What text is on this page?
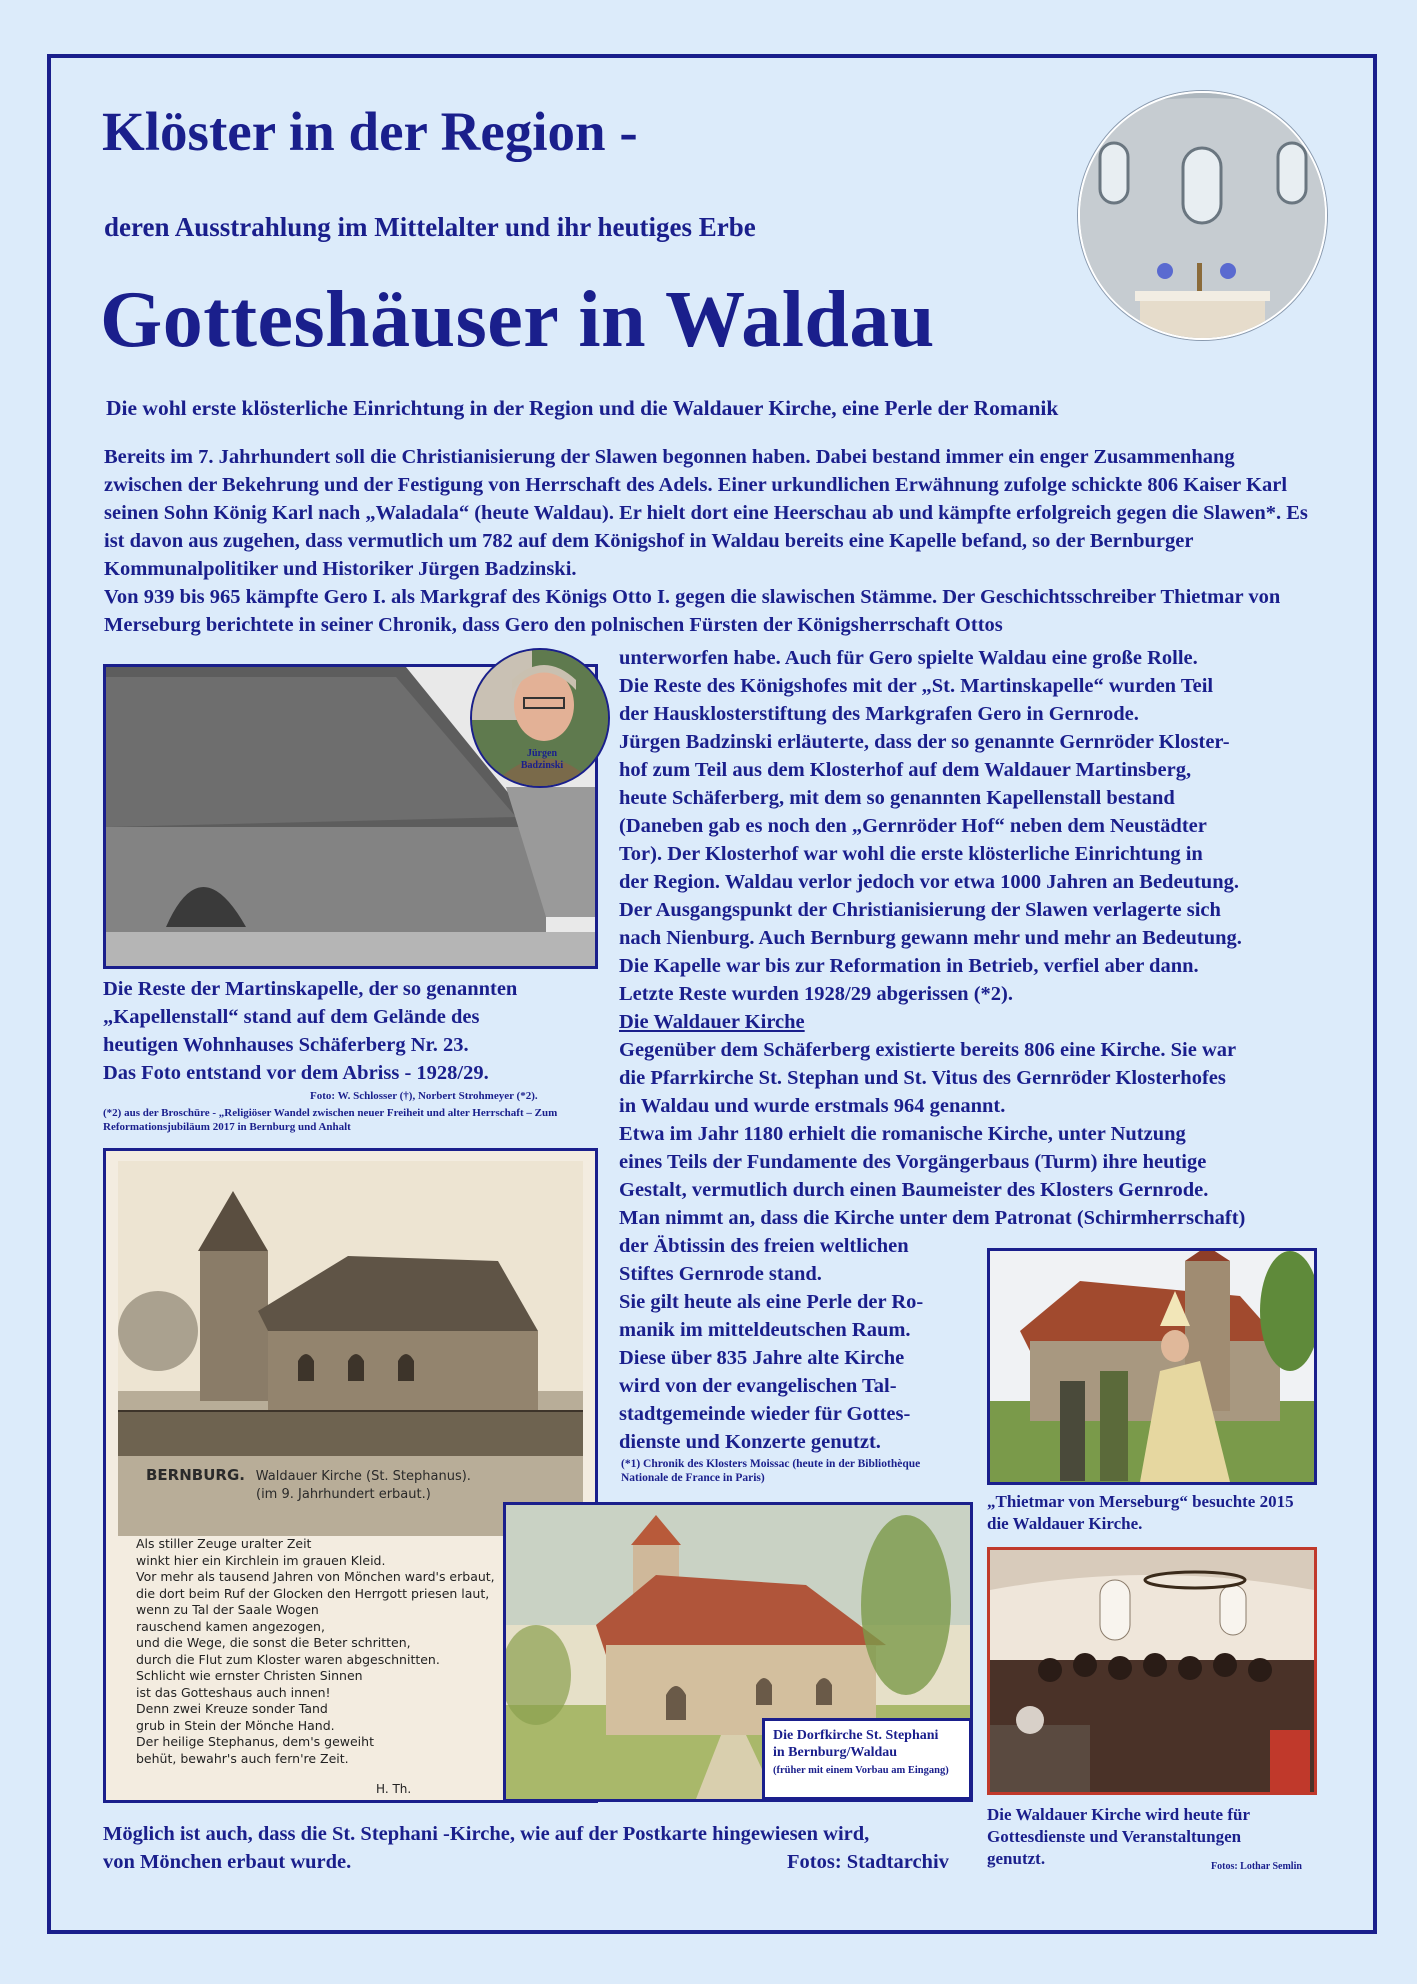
Klöster in der Region -
deren Ausstrahlung im Mittelalter und ihr heutiges Erbe
Gotteshäuser in Waldau
Die wohl erste klösterliche Einrichtung in der Region und die Waldauer Kirche, eine Perle der Romanik

Bereits im 7. Jahrhundert soll die Christianisierung der Slawen begonnen haben. Dabei bestand immer ein enger Zusammenhang zwischen der Bekehrung und der Festigung von Herrschaft des Adels. Einer urkundlichen Erwähnung zufolge schickte 806 Kaiser Karl seinen Sohn König Karl nach „Waladala“ (heute Waldau). Er hielt dort eine Heerschau ab und kämpfte erfolgreich gegen die Slawen*. Es ist davon aus zugehen, dass vermutlich um 782 auf dem Königshof in Waldau bereits eine Kapelle befand, so der Bernburger Kommunalpolitiker und Historiker Jürgen Badzinski.

Von 939 bis 965 kämpfte Gero I. als Markgraf des Königs Otto I. gegen die slawischen Stämme. Der Geschichtsschreiber Thietmar von Merseburg berichtete in seiner Chronik, dass Gero den polnischen Fürsten der Königsherrschaft Ottos

Jürgen Badzinski

unterworfen habe. Auch für Gero spielte Waldau eine große Rolle.

Die Reste des Königshofes mit der „St. Martinskapelle“ wurden Teil

der Hausklosterstiftung des Markgrafen Gero in Gernrode.

Jürgen Badzinski erläuterte, dass der so genannte Gernröder Kloster-

hof zum Teil aus dem Klosterhof auf dem Waldauer Martinsberg,

heute Schäferberg, mit dem so genannten Kapellenstall bestand

(Daneben gab es noch den „Gernröder Hof“ neben dem Neustädter

Tor). Der Klosterhof war wohl die erste klösterliche Einrichtung in

der Region. Waldau verlor jedoch vor etwa 1000 Jahren an Bedeutung.

Der Ausgangspunkt der Christianisierung der Slawen verlagerte sich

nach Nienburg. Auch Bernburg gewann mehr und mehr an Bedeutung.

Die Kapelle war bis zur Reformation in Betrieb, verfiel aber dann.

Letzte Reste wurden 1928/29 abgerissen (*2).

Die Waldauer Kirche

Gegenüber dem Schäferberg existierte bereits 806 eine Kirche. Sie war

die Pfarrkirche St. Stephan und St. Vitus des Gernröder Klosterhofes

in Waldau und wurde erstmals 964 genannt.

Etwa im Jahr 1180 erhielt die romanische Kirche, unter Nutzung

eines Teils der Fundamente des Vorgängerbaus (Turm) ihre heutige

Gestalt, vermutlich durch einen Baumeister des Klosters Gernrode.

Man nimmt an, dass die Kirche unter dem Patronat (Schirmherrschaft)

der Äbtissin des freien weltlichen

Stiftes Gernrode stand.

Sie gilt heute als eine Perle der Ro-

manik im mitteldeutschen Raum.

Diese über 835 Jahre alte Kirche

wird von der evangelischen Tal-

stadtgemeinde wieder für Gottes-

dienste und Konzerte genutzt.

(*1) Chronik des Klosters Moissac (heute in der Bibliothèque Nationale de France in Paris)

Die Reste der Martinskapelle, der so genannten

„Kapellenstall“ stand auf dem Gelände des

heutigen Wohnhauses Schäferberg Nr. 23.

Das Foto entstand vor dem Abriss - 1928/29.

Foto: W. Schlosser (†), Norbert Strohmeyer (*2).
(*2) aus der Broschüre - „Religiöser Wandel zwischen neuer Freiheit und alter Herrschaft – Zum Reformationsjubiläum 2017 in Bernburg und Anhalt
BERNBURG. Waldauer Kirche (St. Stephanus).
(im 9. Jahrhundert erbaut.)

Als stiller Zeuge uralter Zeit

winkt hier ein Kirchlein im grauen Kleid.

Vor mehr als tausend Jahren von Mönchen ward's erbaut,

die dort beim Ruf der Glocken den Herrgott priesen laut,

wenn zu Tal der Saale Wogen

rauschend kamen angezogen,

und die Wege, die sonst die Beter schritten,

durch die Flut zum Kloster waren abgeschnitten.

Schlicht wie ernster Christen Sinnen

ist das Gotteshaus auch innen!

Denn zwei Kreuze sonder Tand

grub in Stein der Mönche Hand.

Der heilige Stephanus, dem's geweiht

behüt, bewahr's auch fern're Zeit.

H. Th.
Die Dorfkirche St. Stephani
in Bernburg/Waldau
(früher mit einem Vorbau am Eingang)
„Thietmar von Merseburg“ besuchte 2015 die Waldauer Kirche.
Die Waldauer Kirche wird heute für Gottesdienste und Veranstaltungen genutzt.	Fotos: Lothar Semlin
Möglich ist auch, dass die St. Stephani -Kirche, wie auf der Postkarte hingewiesen wird,
von Mönchen erbaut wurde.	Fotos: Stadtarchiv
